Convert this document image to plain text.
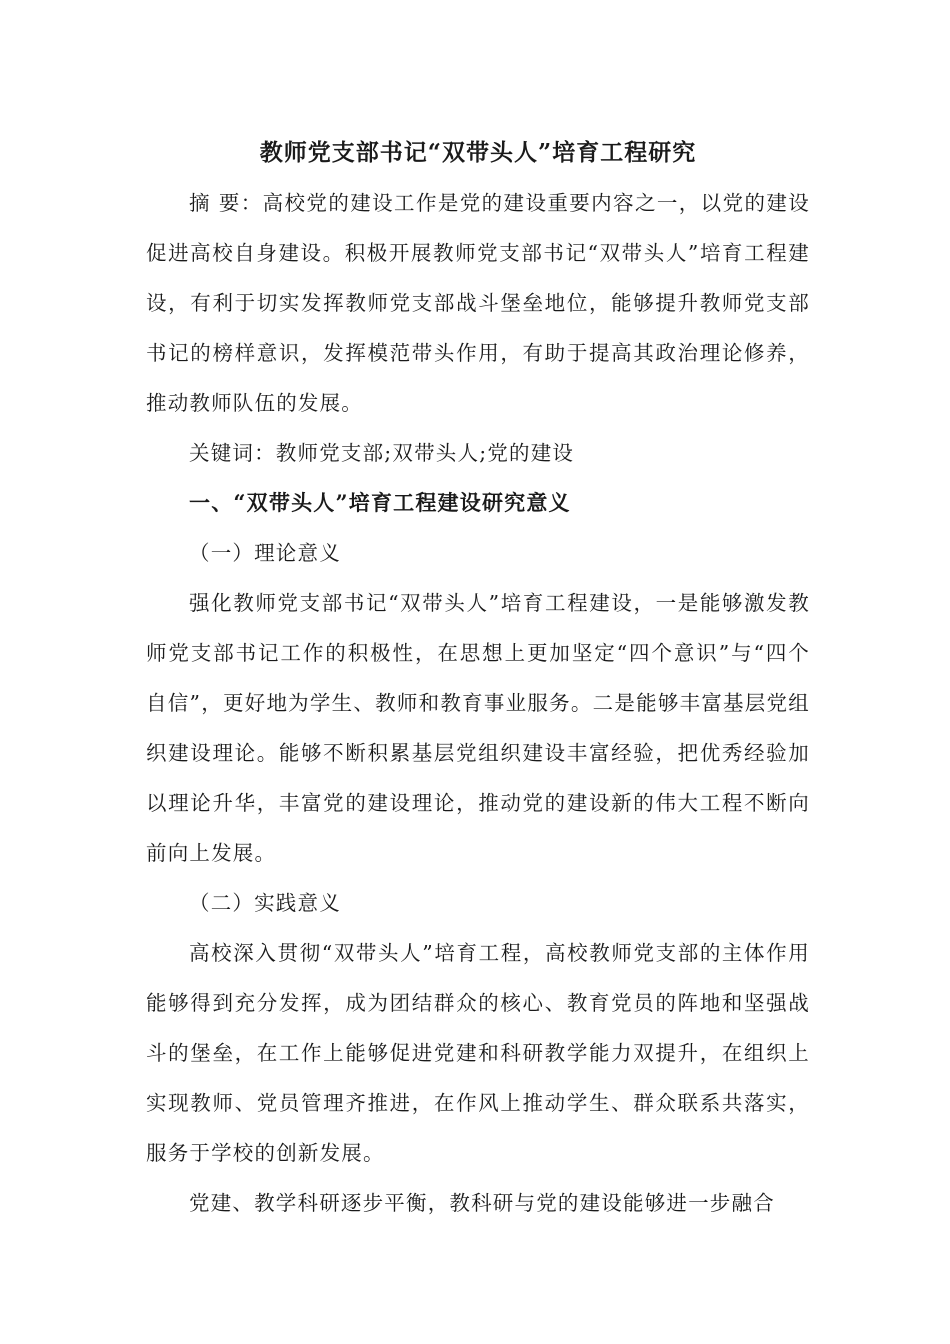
教师党支部书记“双带头人”培育工程研究

摘 要：高校党的建设工作是党的建设重要内容之一，以党的建设促进高校自身建设。积极开展教师党支部书记“双带头人”培育工程建设，有利于切实发挥教师党支部战斗堡垒地位，能够提升教师党支部书记的榜样意识，发挥模范带头作用，有助于提高其政治理论修养，推动教师队伍的发展。

关键词：教师党支部;双带头人;党的建设

一、“双带头人”培育工程建设研究意义

（一）理论意义

强化教师党支部书记“双带头人”培育工程建设，一是能够激发教师党支部书记工作的积极性，在思想上更加坚定“四个意识”与“四个自信”，更好地为学生、教师和教育事业服务。二是能够丰富基层党组织建设理论。能够不断积累基层党组织建设丰富经验，把优秀经验加以理论升华，丰富党的建设理论，推动党的建设新的伟大工程不断向前向上发展。

（二）实践意义

高校深入贯彻“双带头人”培育工程，高校教师党支部的主体作用能够得到充分发挥，成为团结群众的核心、教育党员的阵地和坚强战斗的堡垒，在工作上能够促进党建和科研教学能力双提升，在组织上实现教师、党员管理齐推进，在作风上推动学生、群众联系共落实，服务于学校的创新发展。

党建、教学科研逐步平衡，教科研与党的建设能够进一步融合
